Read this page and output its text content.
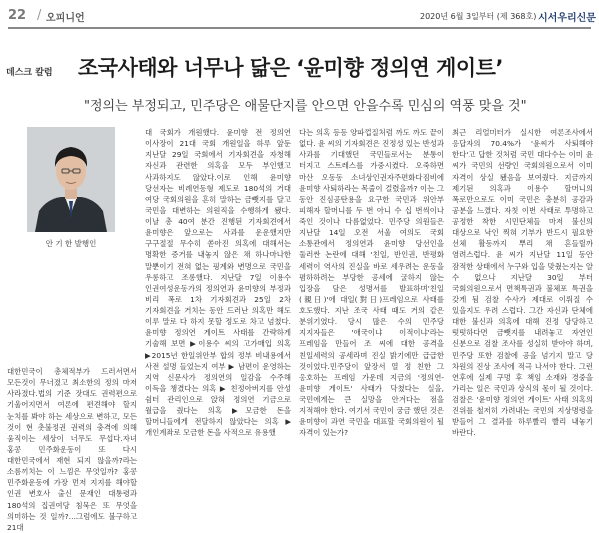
22 / 오피니언	2020년 6월 3일부터 (제 368호) 시서우리신문
데스크 칼럼 조국사태와 너무나 닮은 ‘윤미향 정의연 게이트’
"정의는 부정되고, 민주당은 애물단지를 안으면 안을수록 민심의 역풍 맞을 것"
안 기 한 발행인

대한민국이 총체적부가 드러서면서 모든것이 무너졌고 최소한의 정의 마저 사라졌다.법의 기준 잣대도 권력편으로 기울어지면서 여론에 편견해야 할지 눈치를 봐야 하는 세상으로 변하고, 모든 것이 현 촛불정권 권력의 충격에 의해 움직이는 세상이 너무도 무섭다.자녀 홍콩 민주화운동이 또 다시 대한민국에서 재현 되지 않을까?라는 소름끼치는 이 느낌은 무엇일까? 홍콩 민주화운동에 가장 먼저 지지를 해야할 인권 변호사 출신 문재인 대통령과 180석의 집권여당 침묵은 또 무엇을 의미하는 것 일까?…그럼에도 불구하고 21대

대 국회가 개원했다. 윤미향 전 정의연 이사장이 21대 국회 개원일을 하루 앞둔 지난달 29일 국회에서 기자회견을 자청해 자신과 관련한 의혹을 모두 부인했고 사과하지도 않았다.이로 인해 윤미향 당선자는 비례연동형 제도로 180석의 거대 여당 국회의원을 흔히 말하는 금뺏지를 달고 국민을 대변하는 의원직을 수행하게 됐다. 이날 총 40여 분간 진행된 기자회견에서 윤미향은 앞으로는 사과를 운운했지만 구구절절 무수히 쏟아진 의혹에 대해서는 명확한 증거를 내놓지 않은 채 하나마나한 말뿐이기 전혀 없는 핑계와 변명으로 국민을 우롱하고 조롱했다. 지난달 7일 이용수 인권여성운동가의 정의연과 윤미향의 부정과 비리 폭로 1차 기자회견과 25일 2차 기자회견을 거치는 동안 드러난 의혹만 해도 이루 말로 다 하지 못할 정도로 차고 넘쳤다. 윤미향 정의연 게이트 사태를 간략하게 기술해 보면 ▶이용수 씨의 고가매입 의혹 ▶2015년 한일위안부 합의 정부 비내용에서 사전 설명 들었는지 여부 ▶ 남편이 운영하는 지역 신문사가 정의연의 일감을 수주해 이득을 챙겼다는 의혹 ▶ 친정아버지를 안성 쉼터 관리인으로 앉혀 정의연 기금으로 월급을 줬다는 의혹 ▶모금한 돈을 할머니들에게 전달하지 않았다는 의혹 ▶ 개인계좌로 모금한 돈을 사적으로 유용했

다는 의혹 등등 양파껍질처럼 까도 까도 끝이 없다. 윤 씨의 기자회견은 진정성 있는 반성과 사과를 기대했던 국민들로서는 분통이 터지고 스트레스를 가중시켰다. 오죽하면 마산 오동동 소녀상인권자주편화다짐비에 윤미향 사퇴하라는 목줄이 걸렸을까? 이는 그 동안 진심공탄용을 요구한 국민과 위안부 피해자 할머니를 두 번 아니 수 십 번씩이나 죽인 것이나 다름없었다. 민주당 의원들은 지난달 14일 오전 서울 여의도 국회 소통관에서 정의연과 윤미향 당선인을 둘러싼 논란에 대해 '친일, 반인권, 반평화 세력이 역사의 진실을 바로 세우려는 운동을 폄하하려는 부당한 공세에 굴하지 않는 입장을 담은 성명서를 발표하며'친일(親日)'에 대일(對日)프레임으로 사태를 호도했다. 지난 조국 사태 때도 거의 같은 분위기였다. 당시 많은 수의 민주당 지지자들은 '애국이냐 이적이냐'라는 프레임을 만들어 조 씨에 대한 공격을 친일세력의 공세라며 진실 밝기에만 급급한 것이었다.민주당이 앞장서 열 정 친한 그 옹호하는 프레임 가운데 지금의 '정의연-윤미향 게이트' 사태가 닥쳤다는 실을, 국민에게는 큰 실망을 안겨다는 점을 지적해야 한다. 여기서 국민이 궁금 했던 것은 윤미향이 과연 국민을 대표할 국회의원이 될 자격이 있는가?

최근 리얼미터가 실시한 여론조사에서 응답자의 70.4%가 '윤씨가 사퇴해야 한다'고 답한 것처럼 국민 대다수는 이미 윤 씨가 국민의 선량인 국회의원으로서 이미 자격이 상실 됐음을 보여줬다. 지금까지 제기된 의혹과 이용수 할머니의 폭로만으로도 이미 국민은 충분히 공감과 공분을 느꼈다. 자칫 이번 사태로 투명하고 공정한 착한 시민단체들 마저 불신의 대상으로 낙인 찍혀 기부가 반드시 필요한 선체 활동까지 뿌리 채 흔들릴까 염려스럽다. 윤 씨가 지난달 11일 동안 잠적한 상태에서 누구와 입을 맞췄는지는 알 수 없으나 지난달 30일 부터 국회의원으로서 면책특권과 불체포 특권을 갖게 됨 검찰 수사가 제대로 이뤄질 수 있을지도 우려 스럽다. 그간 자신과 단체에 대한 불신과 의혹에 대해 진정 당당하고 떳떳하다면 금뺏지를 내려놓고 자연인 신분으로 검찰 조사를 성실히 받아야 하며, 민주당 또한 검찰에 공을 넘기지 말고 당 차원의 진상 조사에 적극 나서야 한다. 그런 연후에 실제 구멍 후 책임 소재와 경중을 가리는 일은 국민과 상식의 몫이 될 것이다. 검찰은 '윤미향 정의연 게이트' 사태 의혹의 진위를 철저히 가려내는 국민의 지상명령을 받들어 그 결과를 하루빨리 빨리 내놓기 바란다.
